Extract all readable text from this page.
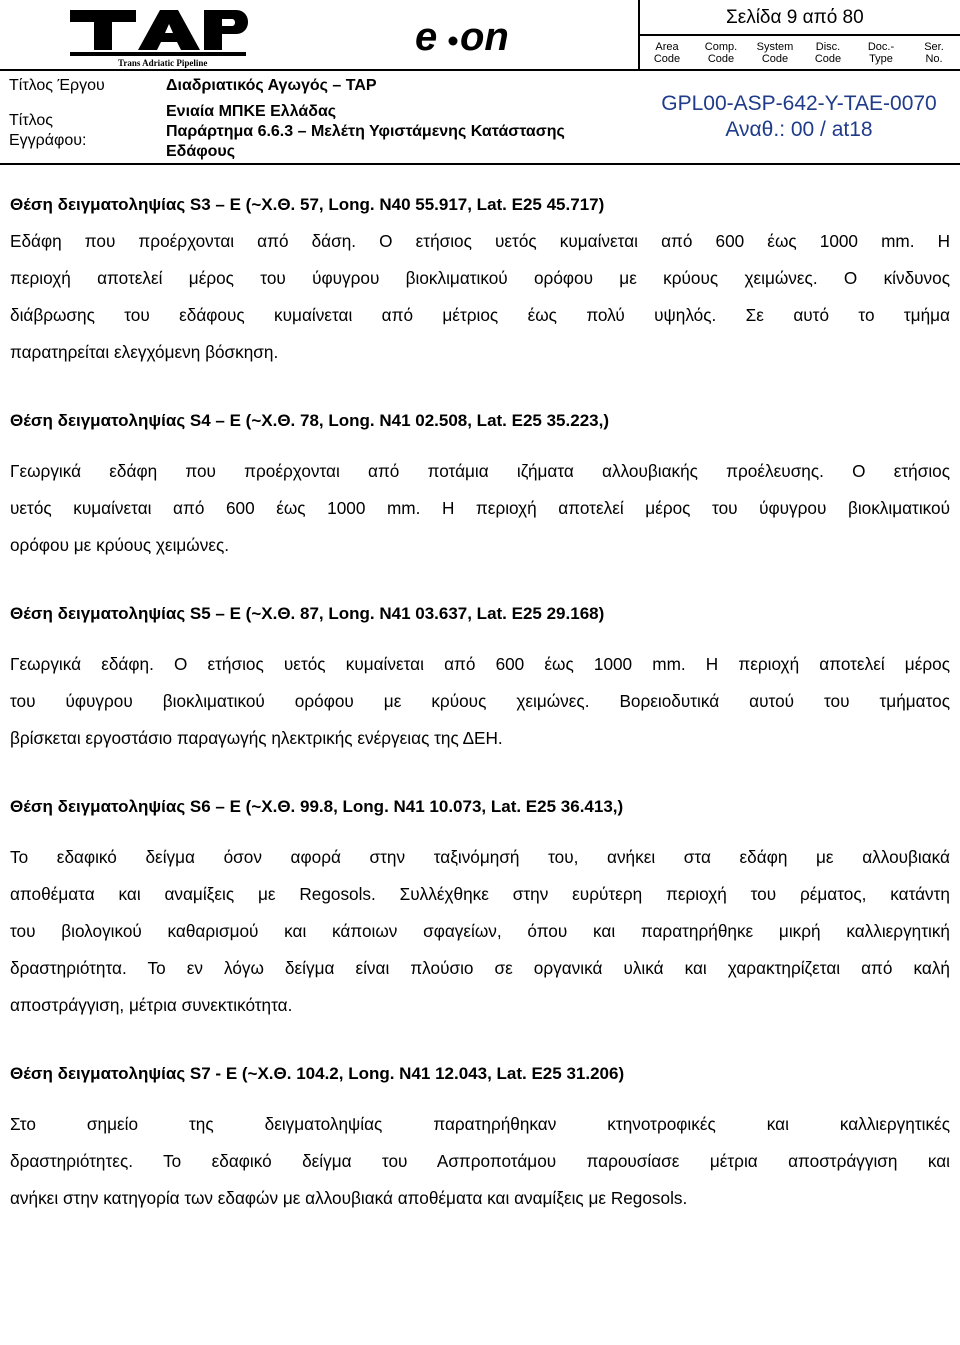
Trans Adriatic Pipeline
e on	Σελίδα 9 από 80
Area
Code
Comp.
Code
System
Code
Disc.
Code
Doc.-
Type
Ser.
No.
Τίτλος Έργου
Τίτλος
Εγγράφου:
Διαδριατικός Αγωγός – TAP
Ενιαία ΜΠΚΕ Ελλάδας
Παράρτημα 6.6.3 – Μελέτη Υφιστάμενης Κατάστασης
Εδάφους
GPL00-ASP-642-Y-TAE-0070
Αναθ.: 00 / at18
Θέση δειγματοληψίας S3 – E (~Χ.Θ. 57, Long. N40 55.917, Lat. E25 45.717)
Εδάφη που προέρχονται από δάση. Ο ετήσιος υετός κυμαίνεται από 600 έως 1000 mm. Η
περιοχή αποτελεί μέρος του ύφυγρου βιοκλιματικού ορόφου με κρύους χειμώνες. Ο κίνδυνος
διάβρωσης του εδάφους κυμαίνεται από μέτριος έως πολύ υψηλός. Σε αυτό το τμήμα
παρατηρείται ελεγχόμενη βόσκηση.
Θέση δειγματοληψίας S4 – E (~Χ.Θ. 78, Long. N41 02.508, Lat. E25 35.223,)
Γεωργικά εδάφη που προέρχονται από ποτάμια ιζήματα αλλουβιακής προέλευσης. Ο ετήσιος
υετός κυμαίνεται από 600 έως 1000 mm. Η περιοχή αποτελεί μέρος του ύφυγρου βιοκλιματικού
ορόφου με κρύους χειμώνες.
Θέση δειγματοληψίας S5 – E (~Χ.Θ. 87, Long. N41 03.637, Lat. E25 29.168)
Γεωργικά εδάφη. Ο ετήσιος υετός κυμαίνεται από 600 έως 1000 mm. Η περιοχή αποτελεί μέρος
του ύφυγρου βιοκλιματικού ορόφου με κρύους χειμώνες. Βορειοδυτικά αυτού του τμήματος
βρίσκεται εργοστάσιο παραγωγής ηλεκτρικής ενέργειας της ΔΕΗ.
Θέση δειγματοληψίας S6 – E (~Χ.Θ. 99.8, Long. N41 10.073, Lat. E25 36.413,)
Το εδαφικό δείγμα όσον αφορά στην ταξινόμησή του, ανήκει στα εδάφη με αλλουβιακά
αποθέματα και αναμίξεις με Regosols. Συλλέχθηκε στην ευρύτερη περιοχή του ρέματος, κατάντη
του βιολογικού καθαρισμού και κάποιων σφαγείων, όπου και παρατηρήθηκε μικρή καλλιεργητική
δραστηριότητα. Το εν λόγω δείγμα είναι πλούσιο σε οργανικά υλικά και χαρακτηρίζεται από καλή
αποστράγγιση, μέτρια συνεκτικότητα.
Θέση δειγματοληψίας S7 - E (~Χ.Θ. 104.2, Long. N41 12.043, Lat. E25 31.206)
Στο σημείο της δειγματοληψίας παρατηρήθηκαν κτηνοτροφικές και καλλιεργητικές
δραστηριότητες. Το εδαφικό δείγμα του Ασπροποτάμου παρουσίασε μέτρια αποστράγγιση και
ανήκει στην κατηγορία των εδαφών με αλλουβιακά αποθέματα και αναμίξεις με Regosols.
